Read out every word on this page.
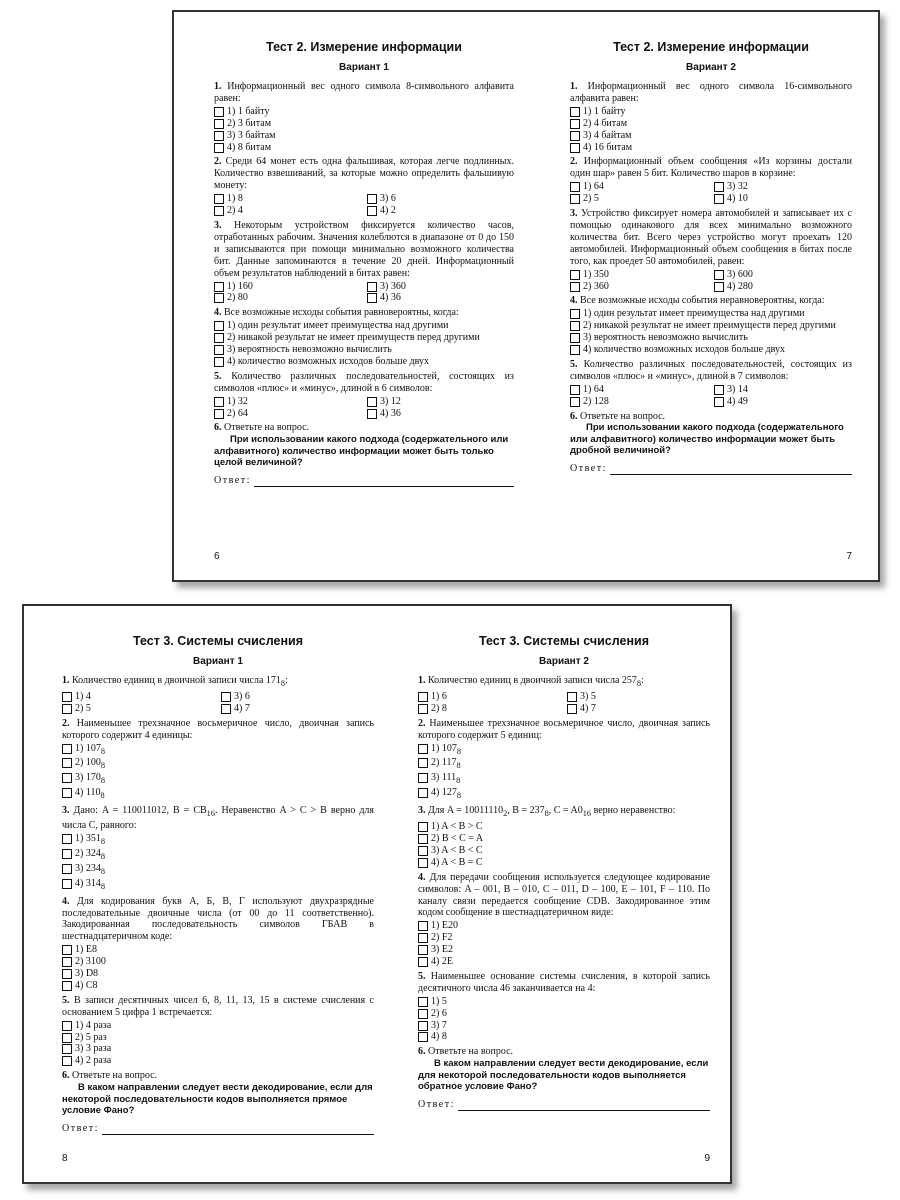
Тест 2. Измерение информации
Вариант 1
1. Информационный вес одного символа 8-символьного алфавита равен:
1) 1 байту
2) 3 битам
3) 3 байтам
4) 8 битам
2. Среди 64 монет есть одна фальшивая, которая легче подлинных. Количество взвешиваний, за которые можно определить фальшивую монету:
1) 8	3) 6
2) 4	4) 2
3. Некоторым устройством фиксируется количество часов, отработанных рабочим. Значения колеблются в диапазоне от 0 до 150 и записываются при помощи минимально возможного количества бит. Данные запоминаются в течение 20 дней. Информационный объем результатов наблюдений в битах равен:
1) 160	3) 360
2) 80	4) 36
4. Все возможные исходы события равновероятны, когда:
1) один результат имеет преимущества над другими
2) никакой результат не имеет преимуществ перед другими
3) вероятность невозможно вычислить
4) количество возможных исходов больше двух
5. Количество различных последовательностей, состоящих из символов «плюс» и «минус», длиной в 6 символов:
1) 32	3) 12
2) 64	4) 36
6. Ответьте на вопрос.
При использовании какого подхода (содержательного или алфавитного) количество информации может быть только целой величиной?
Ответ:
6
Тест 2. Измерение информации
Вариант 2
1. Информационный вес одного символа 16-символьного алфавита равен:
1) 1 байту
2) 4 битам
3) 4 байтам
4) 16 битам
2. Информационный объем сообщения «Из корзины достали один шар» равен 5 бит. Количество шаров в корзине:
1) 64	3) 32
2) 5	4) 10
3. Устройство фиксирует номера автомобилей и записывает их с помощью одинакового для всех минимально возможного количества бит. Всего через устройство могут проехать 120 автомобилей. Информационный объем сообщения в битах после того, как проедет 50 автомобилей, равен:
1) 350	3) 600
2) 360	4) 280
4. Все возможные исходы события неравновероятны, когда:
1) один результат имеет преимущества над другими
2) никакой результат не имеет преимуществ перед другими
3) вероятность невозможно вычислить
4) количество возможных исходов больше двух
5. Количество различных последовательностей, состоящих из символов «плюс» и «минус», длиной в 7 символов:
1) 64	3) 14
2) 128	4) 49
6. Ответьте на вопрос.
При использовании какого подхода (содержательного или алфавитного) количество информации может быть дробной величиной?
Ответ:
7
Тест 3. Системы счисления
Вариант 1
1. Количество единиц в двоичной записи числа $171_8$:
1) 4	3) 6
2) 5	4) 7
2. Наименьшее трехзначное восьмеричное число, двоичная запись которого содержит 4 единицы:
1) $107_8$
2) $100_8$
3) $170_8$
4) $110_8$
3. Дано: A = 110011012, $B = CB_{16}$. Неравенство A > C > B верно для числа C, равного:
1) $351_8$
2) $324_8$
3) $234_8$
4) $314_8$
4. Для кодирования букв А, Б, В, Г используют двухразрядные последовательные двоичные числа (от 00 до 11 соответственно). Закодированная последовательность символов ГБАВ в шестнадцатеричном коде:
1) E8
2) 3100
3) D8
4) C8
5. В записи десятичных чисел 6, 8, 11, 13, 15 в системе счисления с основанием 5 цифра 1 встречается:
1) 4 раза
2) 5 раз
3) 3 раза
4) 2 раза
6. Ответьте на вопрос.
В каком направлении следует вести декодирование, если для некоторой последовательности кодов выполняется прямое условие Фано?
Ответ:
8
Тест 3. Системы счисления
Вариант 2
1. Количество единиц в двоичной записи числа $257_8$:
1) 6	3) 5
2) 8	4) 7
2. Наименьшее трехзначное восьмеричное число, двоичная запись которого содержит 5 единиц:
1) $107_8$
2) $117_8$
3) $111_8$
4) $127_8$
3. Для $A = 10011110_2$, $B = 237_8$, $C = A0_{16}$ верно неравенство:
1) A < B > C
2) B < C = A
3) A < B < C
4) A < B = C
4. Для передачи сообщения используется следующее кодирование символов: A – 001, B – 010, C – 011, D – 100, E – 101, F – 110. По каналу связи передается сообщение CDB. Закодированное этим кодом сообщение в шестнадцатеричном виде:
1) E20
2) F2
3) E2
4) 2E
5. Наименьшее основание системы счисления, в которой запись десятичного числа 46 заканчивается на 4:
1) 5
2) 6
3) 7
4) 8
6. Ответьте на вопрос.
В каком направлении следует вести декодирование, если для некоторой последовательности кодов выполняется обратное условие Фано?
Ответ:
9
